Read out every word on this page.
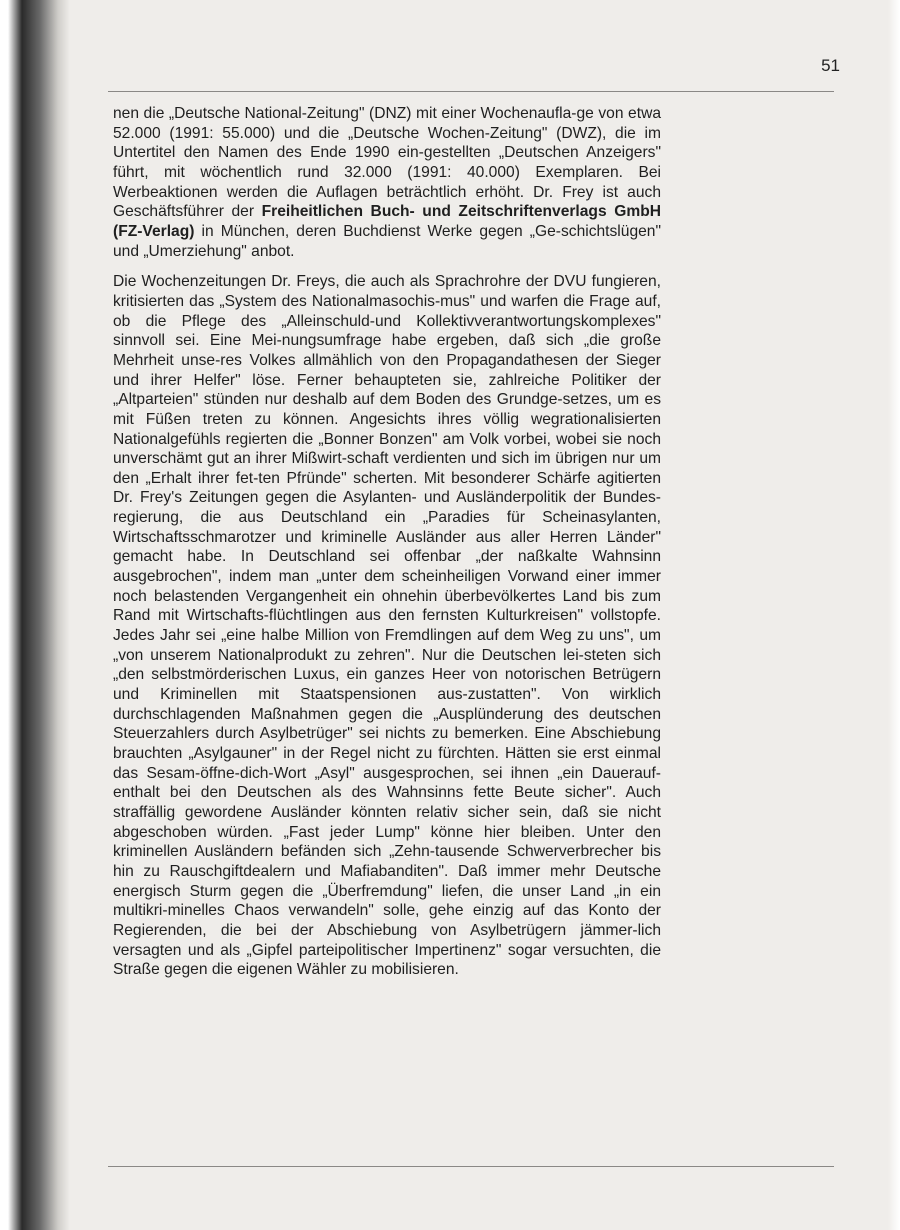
51

nen die „Deutsche National-Zeitung" (DNZ) mit einer Wochenaufla-ge von etwa 52.000 (1991: 55.000) und die „Deutsche Wochen-Zeitung" (DWZ), die im Untertitel den Namen des Ende 1990 ein-gestellten „Deutschen Anzeigers" führt, mit wöchentlich rund 32.000 (1991: 40.000) Exemplaren. Bei Werbeaktionen werden die Auflagen beträchtlich erhöht. Dr. Frey ist auch Geschäftsführer der Freiheitlichen Buch- und Zeitschriftenverlags GmbH (FZ-Verlag) in München, deren Buchdienst Werke gegen „Ge-schichtslügen" und „Umerziehung" anbot.

Die Wochenzeitungen Dr. Freys, die auch als Sprachrohre der DVU fungieren, kritisierten das „System des Nationalmasochis-mus" und warfen die Frage auf, ob die Pflege des „Alleinschuld-und Kollektivverantwortungskomplexes" sinnvoll sei. Eine Mei-nungsumfrage habe ergeben, daß sich „die große Mehrheit unse-res Volkes allmählich von den Propagandathesen der Sieger und ihrer Helfer" löse. Ferner behaupteten sie, zahlreiche Politiker der „Altparteien" stünden nur deshalb auf dem Boden des Grundge-setzes, um es mit Füßen treten zu können. Angesichts ihres völlig wegrationalisierten Nationalgefühls regierten die „Bonner Bonzen" am Volk vorbei, wobei sie noch unverschämt gut an ihrer Mißwirt-schaft verdienten und sich im übrigen nur um den „Erhalt ihrer fet-ten Pfründe" scherten. Mit besonderer Schärfe agitierten Dr. Frey's Zeitungen gegen die Asylanten- und Ausländerpolitik der Bundes-regierung, die aus Deutschland ein „Paradies für Scheinasylanten, Wirtschaftsschmarotzer und kriminelle Ausländer aus aller Herren Länder" gemacht habe. In Deutschland sei offenbar „der naßkalte Wahnsinn ausgebrochen", indem man „unter dem scheinheiligen Vorwand einer immer noch belastenden Vergangenheit ein ohnehin überbevölkertes Land bis zum Rand mit Wirtschafts-flüchtlingen aus den fernsten Kulturkreisen" vollstopfe. Jedes Jahr sei „eine halbe Million von Fremdlingen auf dem Weg zu uns", um „von unserem Nationalprodukt zu zehren". Nur die Deutschen lei-steten sich „den selbstmörderischen Luxus, ein ganzes Heer von notorischen Betrügern und Kriminellen mit Staatspensionen aus-zustatten". Von wirklich durchschlagenden Maßnahmen gegen die „Ausplünderung des deutschen Steuerzahlers durch Asylbetrüger" sei nichts zu bemerken. Eine Abschiebung brauchten „Asylgauner" in der Regel nicht zu fürchten. Hätten sie erst einmal das Sesam-öffne-dich-Wort „Asyl" ausgesprochen, sei ihnen „ein Dauerauf-enthalt bei den Deutschen als des Wahnsinns fette Beute sicher". Auch straffällig gewordene Ausländer könnten relativ sicher sein, daß sie nicht abgeschoben würden. „Fast jeder Lump" könne hier bleiben. Unter den kriminellen Ausländern befänden sich „Zehn-tausende Schwerverbrecher bis hin zu Rauschgiftdealern und Mafiabanditen". Daß immer mehr Deutsche energisch Sturm gegen die „Überfremdung" liefen, die unser Land „in ein multikri-minelles Chaos verwandeln" solle, gehe einzig auf das Konto der Regierenden, die bei der Abschiebung von Asylbetrügern jämmer-lich versagten und als „Gipfel parteipolitischer Impertinenz" sogar versuchten, die Straße gegen die eigenen Wähler zu mobilisieren.
